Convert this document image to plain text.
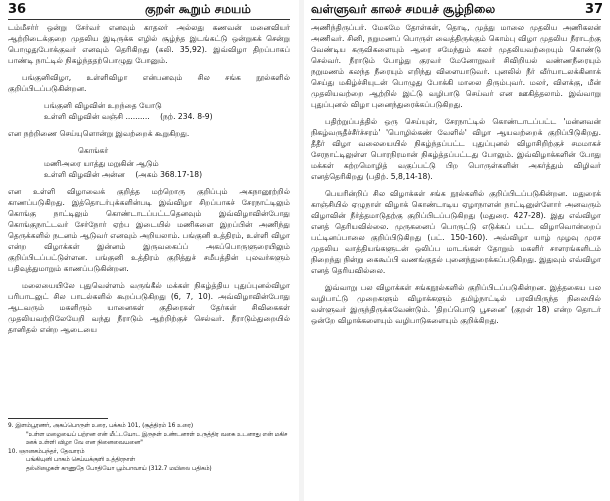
36	குறள் கூறும் சமயம்

டம்மீசர்ர் ஒன்று சேர்வர் எனவும் காதலர் அல்லது கணவன் மனைவியர் ஆற்றிடைக்குறை முதலிய இடிருக்க எழில் சூழ்ந்த இடங்கட்டு ஒன்றுகக் சென்று பொழுதுபோக்குவர் எனவும் தெரிகிறது (கலி. 35,92). இவ்விழா திறப்பாகப் பாண்டி நாட்டில் நிகழ்ந்ததற்பொழுது போனும்.

பங்குனிவிழா, உள்ளிவிழா என்பனவும் சில சங்க நூல்களில் குறிப்பிடப்படுகின்றன.

பங்குனி விழவின் உறந்தை யோடு
உள்ளி விழவின் வஞ்சி .......... (நற். 234. 8-9)

என நற்றிணை செய்யுளொன்று இவற்றைக் கூறுகிறது.

கொங்கர்
மணிஅரை யாத்து மறுகின் ஆடும்
உள்ளி விழவின் அன்ன (அகம் 368.17-18)

என உள்ளி விழாவைக் குறித்த மற்றொரு குறிப்பும் அகநானூற்றில் காணப்படுகிறது. இத்தொடர்புக்களின்படி இவ்விழா சிறப்பாகச் சேரநாட்டிலும் கொங்கு நாட்டிலும் கொண்டாடப்பட்டதெனவும் இவ்விழாவின்போது கொங்குநாட்டவர் சேர்நோர் ஏற்ப இடையில் மணிகளை இறப்பின் அணிந்து தெருக்களில் நடனம் ஆடுவர் எனவும் அறியலாம். பங்குனி உத்திரம், உள்ளி விழா என்ற விழாக்கள் இன்னம் இருவகைப்ப் அகப்பொருளுரையிலும் குறிப்பிடப்பட்டுள்ளன. பங்குனி உத்திரம் குறித்துச் சமீபத்தின் புலவர்களும் பதிவுத்துமாறும் காணப்படுகின்றன.

மலையையிலே புதுவெள்ளம் வருங்கீல் மக்கள் நிகழ்த்திய புதுப்புனல்விழா பரிபாடலுட் சில பாடல்களில் கூறப்படுகிறது (6, 7, 10). அவ்விழாவின்போது ஆடவரும் மகளிரும் யானைகள் குதிரைகள் தேர்கள் சிவிகைகள் முதலியவற்றிலேயேறி வந்து நீராடும் ஆற்றிற்குச் செல்வர். நீராடும்துறையில் தானிதல் என்ற ஆடையை

9. இளம்பூரணர், அகப்பொருள் உரை, பக்கம் 101, (சூத்திரம் 16 உரை)
"உள்ள மழையைப் பற்றன என் மீட்டயோட இருநள் உண்டனாள் உருத்திர வகை உடனாது என் மகிச ஊக் உள்ளி விழா வே என நினைவையனை"
10. ஞானசம்பந்தர், தேவாரம்
பங்கியுனி பாகம் செய்யக்குளி உத்திரநாள்
தல்லிழைகள் காணுதே போதியோ பூம்பாவாய் (312.7 மயிலை பதிகம்)
வள்ளுவர் காலச் சமயச் சூழ்நிலை	37

அணிந்திருப்பர். மேகமே தோள்கள், தொடி, முத்து மாலை முதலிய அணிகலன் அணிவர். சினி, நறுமணப் பொருள் வைத்திருக்கும் கொம்பு விழா முதலிய நீராடற்கு வேண்டிய கருவிகளையும் ஆரை சமேந்தும் கலர் முதலியவற்றையும் கொண்டு செல்வர். நீராடும் போழ்து குரவர் மேனோறுவர் சிவிறியல் வண்ணநீரையும் நறுமணம் கலந்த நீரையும் எறிந்து விளையாடுவர். புனலில் நீர் வீர்யாடலக்கினாக் செய்து மகிழ்ச்சியுடன் பொழுது போக்கி மாலை திரும்புவர். மலர், விளக்கு, மீன் முதலியவற்றை ஆற்றில் இட்டு வழிபாடு செய்வர் என ஊகித்தலாம். இவ்வாறு புதுப்புனல் விழா புனைந்துரைக்கப்படுகிறது.

பதிற்றுப்பத்தில் ஒரு செய்யுள், சேரநாட்டில் கொண்டாடப்பட்ட 'மன்னவன் நிகழ்வருதீச்சீர்ச்சரம்' 'பொழில்கண் வேளில்' விழா ஆயவற்றைக் குறிப்பிடுகிறது. தீதீர் விழா வலையையில் நிகழ்ந்தப்பட்ட புதுப்புனல் விழாசிறிற்குச் சமமாகச் சேரநாட்டிலுள்ள பொரநிரமான் நிகழ்த்தப்பட்டது போலும். இவ்விழாக்களின் போது மக்கள் கற்றமொழித் வகுப்பட்டு பிற பொருள்களின் அகர்த்தும் விழிவர் எனத்தெரிகிறது (பதிற். 5,8,14-18).

பெயரின்றிப் சில விழாக்கள் சங்க நூல்களில் குறிப்பிடப்படுகின்றன. மதுரைக் காஞ்சியில் ஏழுநாள் விழாக் கொண்டாடிய ஏழாநாளன் நாட்டினுள்ளோர் அனவரும் விழாவின் நீர்த்தமாடுதற்கு குறிப்பிடப்படுகிறது (மதுரை. 427-28). இது எவ்விழா எனத் தெரியவில்லை. முருகனைப் பொருட்டு எடுக்கப் பட்ட விழாவொன்றைப் பட்டினப்பாலை குறிப்பிடுகிறது (பட். 150-160). அவ்விழா யாழ் முழவு முரச முதலிய வாத்தியங்களுடன் ஒலிப்ப மாடங்கள் தோறும் மகளிர் சாளரங்களிடம் நிறைந்து நின்று கைகூப்பி வணங்குதல் புனைந்துரைக்கப்படுகிறது. இதுவும் எவ்விழா எனத் தெரியவில்லை.

இவ்வாறு பல விழாக்கள் சங்கநூல்களில் குறிப்பிடப்படுகின்றன. இத்தகைய பல வழிபாட்டு முறைகளும் விழாக்களும் தமிழ்நாட்டில் பரவியிருந்த நிலையில் வள்ளுவர் இருந்திருக்கவேண்டும். 'திறப்பொடு பூசனை' (குறள் 18) என்ற தொடர் ஒன்றே விழாக்களையும் வழிபாடுகளையும் குறிக்கிறது.
